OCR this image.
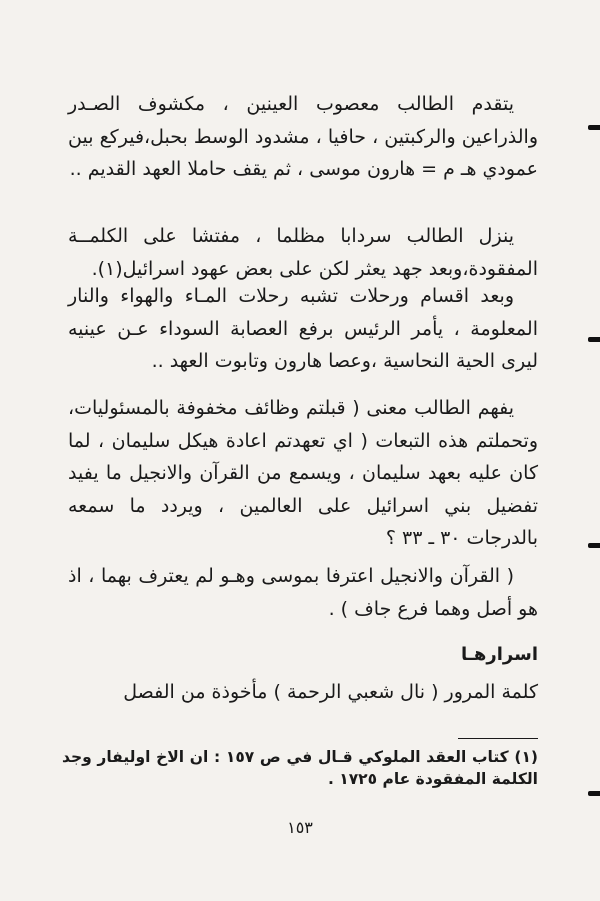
يتقدم الطالب معصوب العينين ، مكشوف الصـدر والذراعين والركبتين ، حافيا ، مشدود الوسط بحبل،فيركع بين عمودي هـ م = هارون موسى ، ثم يقف حاملا العهد القديم ..

ينزل الطالب سردابا مظلما ، مفتشا على الكلمــة المفقودة،وبعد جهد يعثر لكن على بعض عهود اسرائيل(١).

وبعد اقسام ورحلات تشبه رحلات المـاء والهواء والنار المعلومة ، يأمر الرئيس برفع العصابة السوداء عـن عينيه ليرى الحية النحاسية ،وعصا هارون وتابوت العهد ..

يفهم الطالب معنى ( قبلتم وظائف مخفوفة بالمسئوليات، وتحملتم هذه التبعات ( اي تعهدتم اعادة هيكل سليمان ، لما كان عليه بعهد سليمان ، ويسمع من القرآن والانجيل ما يفيد تفضيل بني اسرائيل على العالمين ، ويردد ما سمعه بالدرجات ٣٠ ـ ٣٣ ؟

( القرآن والانجيل اعترفا بموسى وهـو لم يعترف بهما ، اذ هو أصل وهما فرع جاف ) .

اسرارهـا

كلمة المرور ( نال شعبي الرحمة ) مأخوذة من الفصل

(١) كتاب العقد الملوكي قـال في ص ١٥٧ : ان الاخ اوليفار وجد الكلمة المفقودة عام ١٧٢٥ .
١٥٣
